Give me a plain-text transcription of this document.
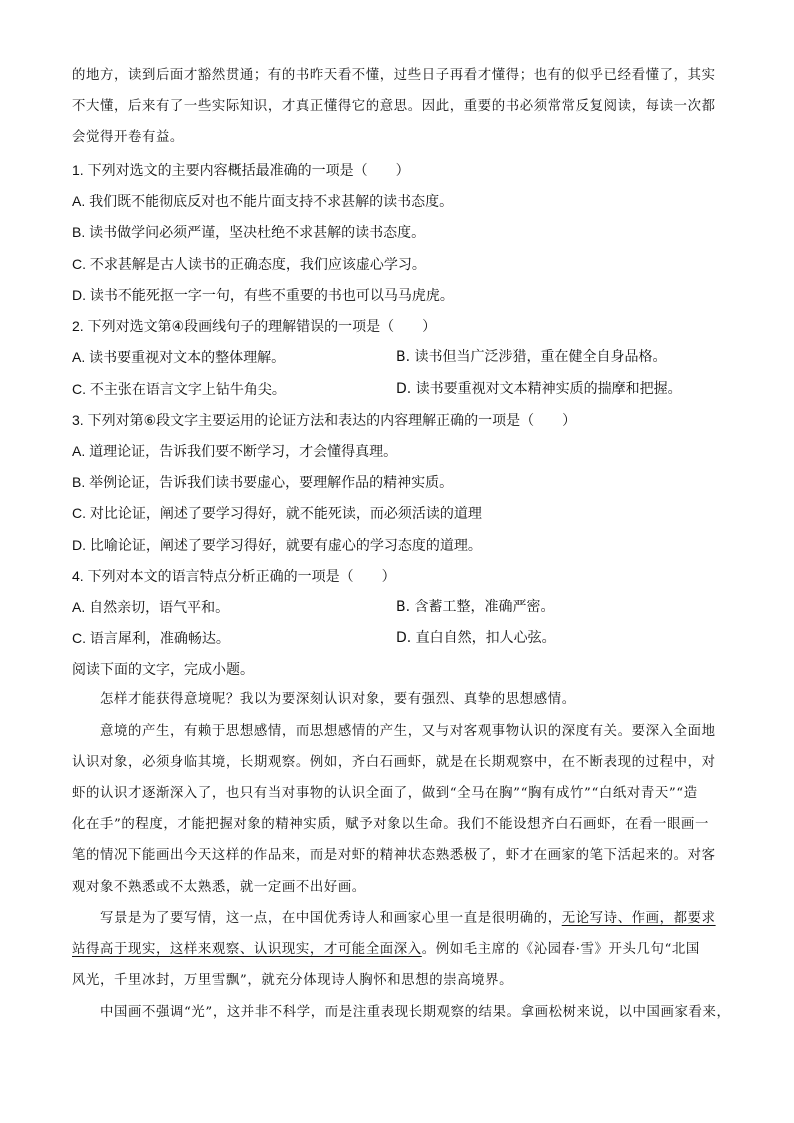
的地方，读到后面才豁然贯通；有的书昨天看不懂，过些日子再看才懂得；也有的似乎已经看懂了，其实
不大懂，后来有了一些实际知识，才真正懂得它的意思。因此，重要的书必须常常反复阅读，每读一次都
会觉得开卷有益。
1. 下列对选文的主要内容概括最准确的一项是（　　）
A. 我们既不能彻底反对也不能片面支持不求甚解的读书态度。
B. 读书做学问必须严谨，坚决杜绝不求甚解的读书态度。
C. 不求甚解是古人读书的正确态度，我们应该虚心学习。
D. 读书不能死抠一字一句，有些不重要的书也可以马马虎虎。
2. 下列对选文第④段画线句子的理解错误的一项是（　　）
A. 读书要重视对文本的整体理解。	B. 读书但当广泛涉猎，重在健全自身品格。
C. 不主张在语言文字上钻牛角尖。	D. 读书要重视对文本精神实质的揣摩和把握。
3. 下列对第⑥段文字主要运用的论证方法和表达的内容理解正确的一项是（　　）
A. 道理论证，告诉我们要不断学习，才会懂得真理。
B. 举例论证，告诉我们读书要虚心，要理解作品的精神实质。
C. 对比论证，阐述了要学习得好，就不能死读，而必须活读的道理
D. 比喻论证，阐述了要学习得好，就要有虚心的学习态度的道理。
4. 下列对本文的语言特点分析正确的一项是（　　）
A. 自然亲切，语气平和。	B. 含蓄工整，准确严密。
C. 语言犀利，准确畅达。	D. 直白自然，扣人心弦。
阅读下面的文字，完成小题。
怎样才能获得意境呢？我以为要深刻认识对象，要有强烈、真挚的思想感情。
意境的产生，有赖于思想感情，而思想感情的产生，又与对客观事物认识的深度有关。要深入全面地
认识对象，必须身临其境，长期观察。例如，齐白石画虾，就是在长期观察中，在不断表现的过程中，对
虾的认识才逐渐深入了，也只有当对事物的认识全面了，做到“全马在胸”“胸有成竹”“白纸对青天”“造
化在手”的程度，才能把握对象的精神实质，赋予对象以生命。我们不能设想齐白石画虾，在看一眼画一
笔的情况下能画出今天这样的作品来，而是对虾的精神状态熟悉极了，虾才在画家的笔下活起来的。对客
观对象不熟悉或不太熟悉，就一定画不出好画。
写景是为了要写情，这一点，在中国优秀诗人和画家心里一直是很明确的，无论写诗、作画，都要求
站得高于现实，这样来观察、认识现实，才可能全面深入。例如毛主席的《沁园春·雪》开头几句“北国
风光，千里冰封，万里雪飘”，就充分体现诗人胸怀和思想的崇高境界。
中国画不强调“光”，这并非不科学，而是注重表现长期观察的结果。拿画松树来说，以中国画家看来，
